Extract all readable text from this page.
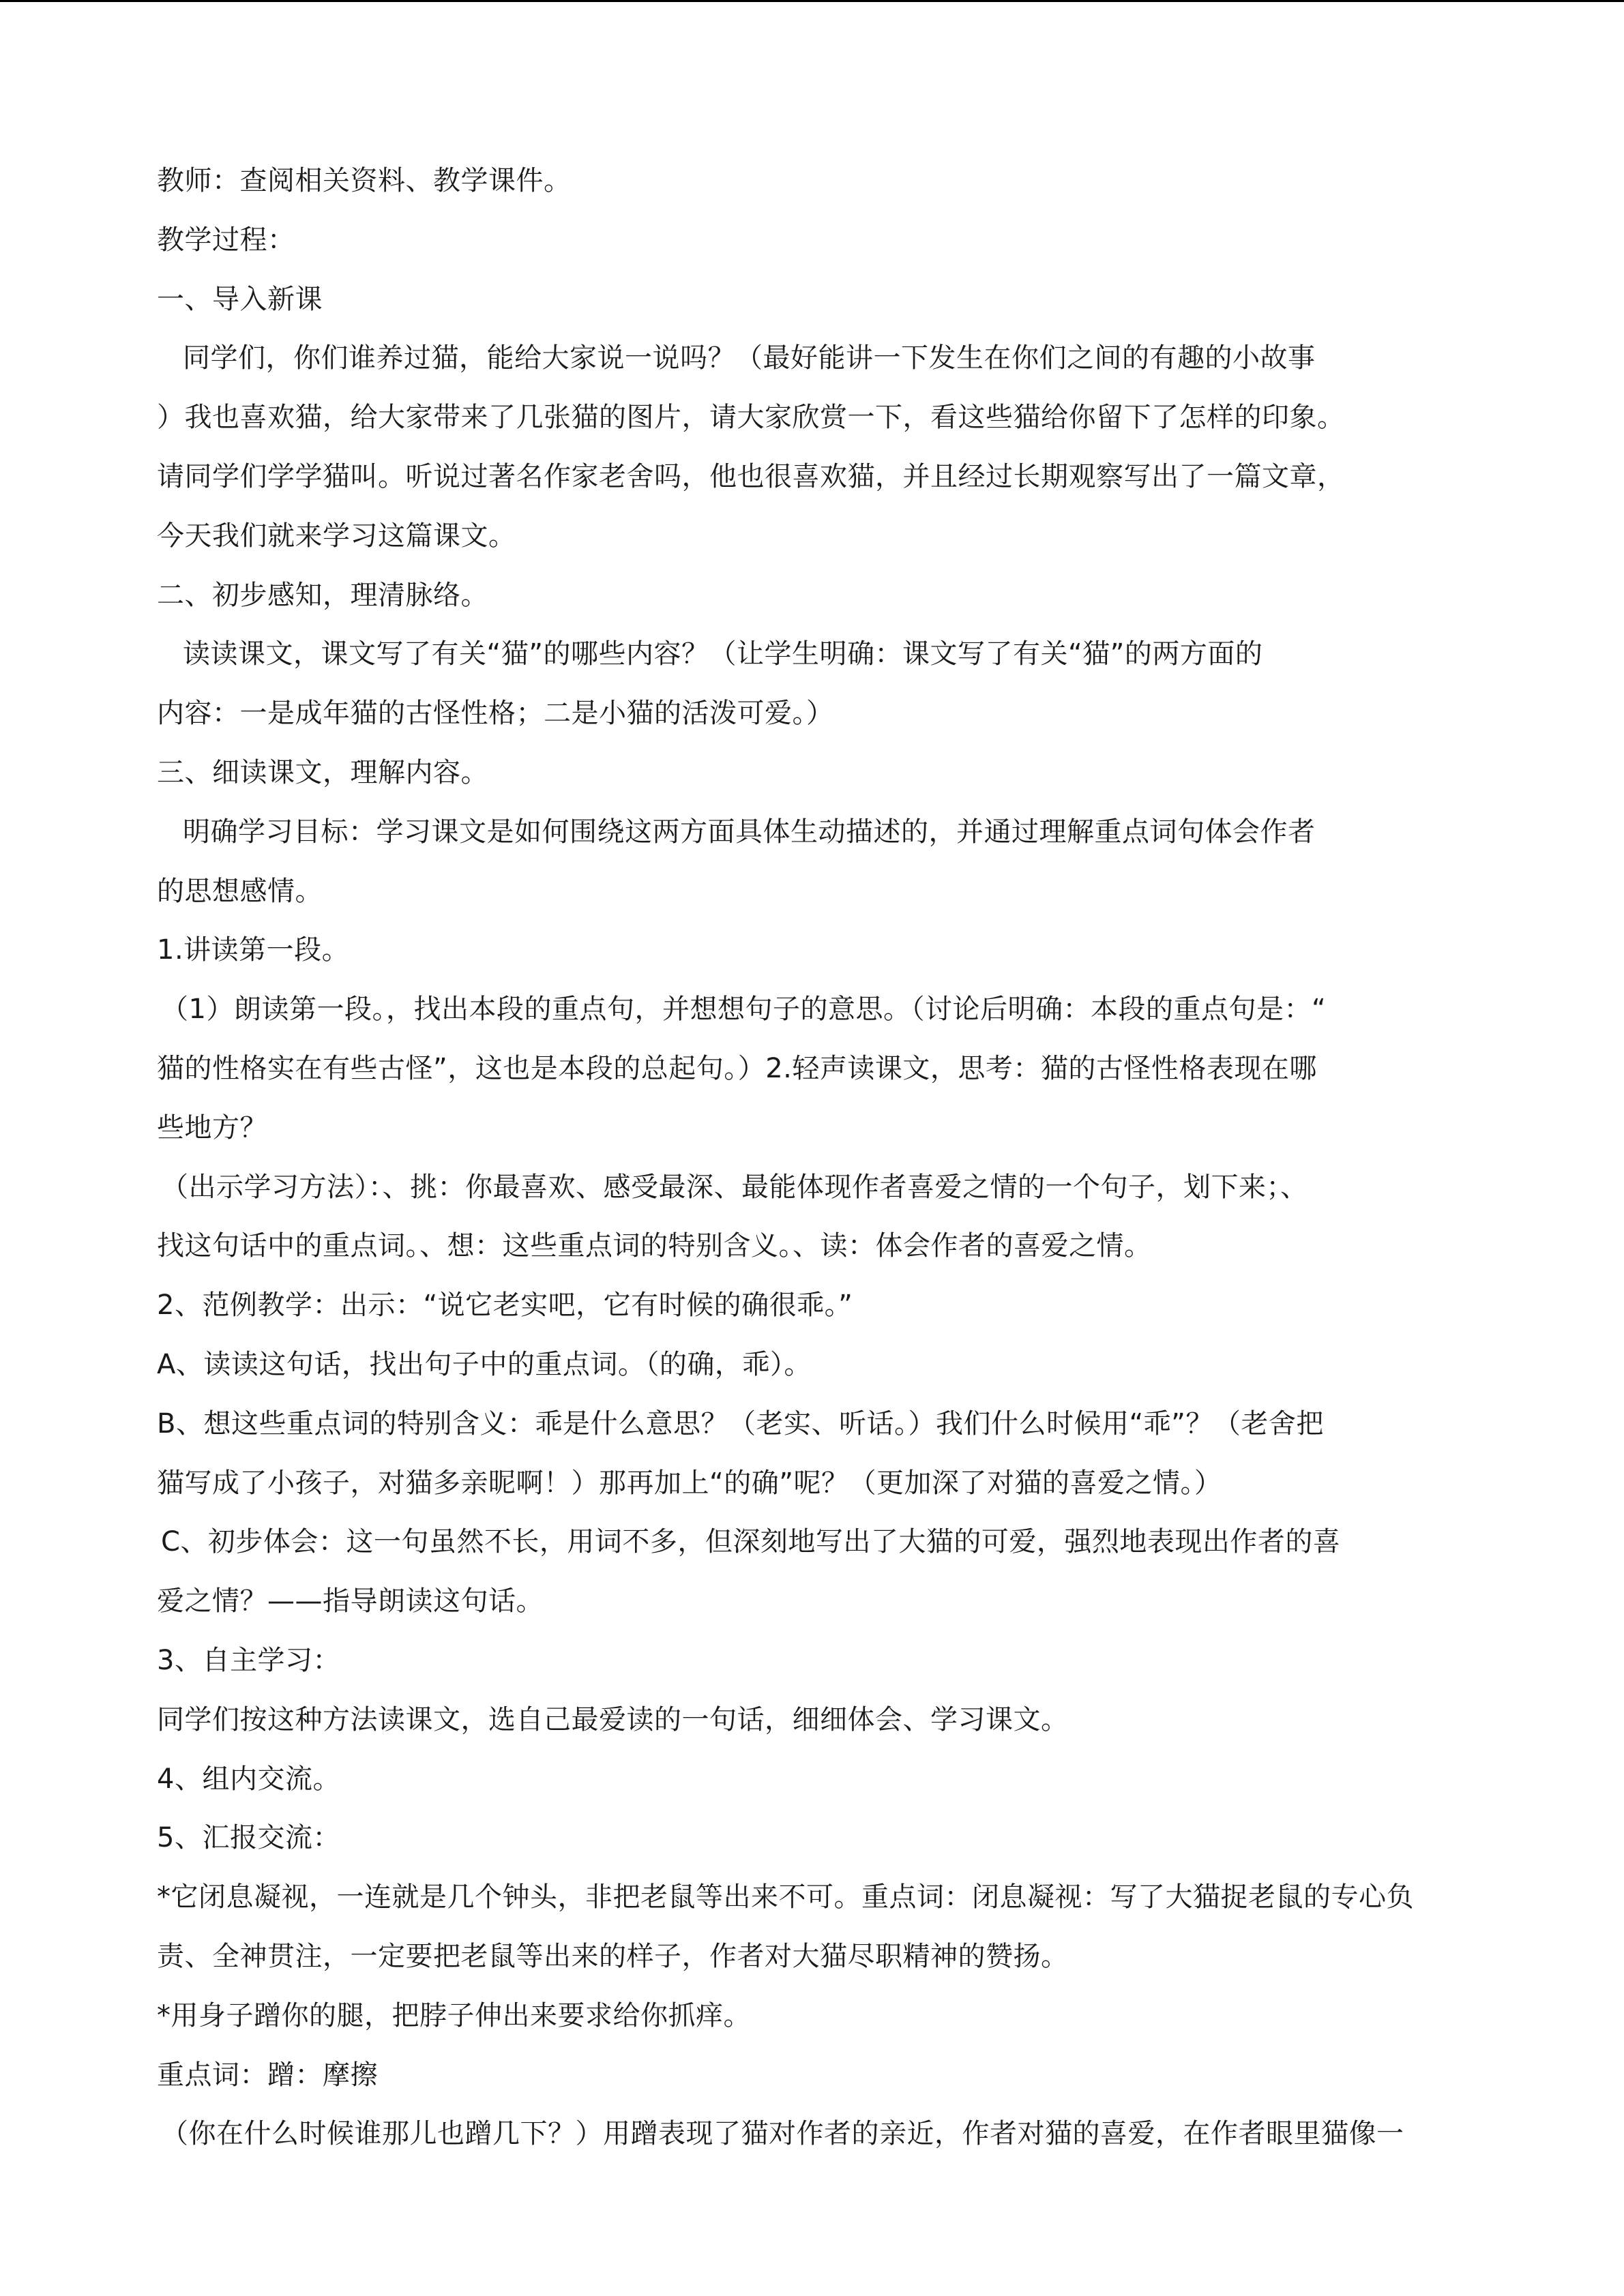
教师：查阅相关资料、教学课件。
教学过程：
一、导入新课
同学们，你们谁养过猫，能给大家说一说吗？（最好能讲一下发生在你们之间的有趣的小故事
）我也喜欢猫，给大家带来了几张猫的图片，请大家欣赏一下，看这些猫给你留下了怎样的印象。
请同学们学学猫叫。听说过著名作家老舍吗，他也很喜欢猫，并且经过长期观察写出了一篇文章，
今天我们就来学习这篇课文。
二、初步感知，理清脉络。
读读课文，课文写了有关“猫”的哪些内容？（让学生明确：课文写了有关“猫”的两方面的
内容：一是成年猫的古怪性格；二是小猫的活泼可爱。）
三、细读课文，理解内容。
明确学习目标：学习课文是如何围绕这两方面具体生动描述的，并通过理解重点词句体会作者
的思想感情。
1.讲读第一段。
（1）朗读第一段。，找出本段的重点句，并想想句子的意思。（讨论后明确：本段的重点句是：“
猫的性格实在有些古怪”，这也是本段的总起句。）2.轻声读课文，思考：猫的古怪性格表现在哪
些地方？
（出示学习方法）：、挑：你最喜欢、感受最深、最能体现作者喜爱之情的一个句子，划下来；、
找这句话中的重点词。、想：这些重点词的特别含义。、读：体会作者的喜爱之情。
2、范例教学：出示：“说它老实吧，它有时候的确很乖。”
A、读读这句话，找出句子中的重点词。（的确，乖）。
B、想这些重点词的特别含义：乖是什么意思？（老实、听话。）我们什么时候用“乖”？（老舍把
猫写成了小孩子，对猫多亲昵啊！）那再加上“的确”呢？（更加深了对猫的喜爱之情。）
C、初步体会：这一句虽然不长，用词不多，但深刻地写出了大猫的可爱，强烈地表现出作者的喜
爱之情？——指导朗读这句话。
3、自主学习：
同学们按这种方法读课文，选自己最爱读的一句话，细细体会、学习课文。
4、组内交流。
5、汇报交流：
*它闭息凝视，一连就是几个钟头，非把老鼠等出来不可。重点词：闭息凝视：写了大猫捉老鼠的专心负
责、全神贯注，一定要把老鼠等出来的样子，作者对大猫尽职精神的赞扬。
*用身子蹭你的腿，把脖子伸出来要求给你抓痒。
重点词：蹭：摩擦
（你在什么时候谁那儿也蹭几下？）用蹭表现了猫对作者的亲近，作者对猫的喜爱，在作者眼里猫像一
